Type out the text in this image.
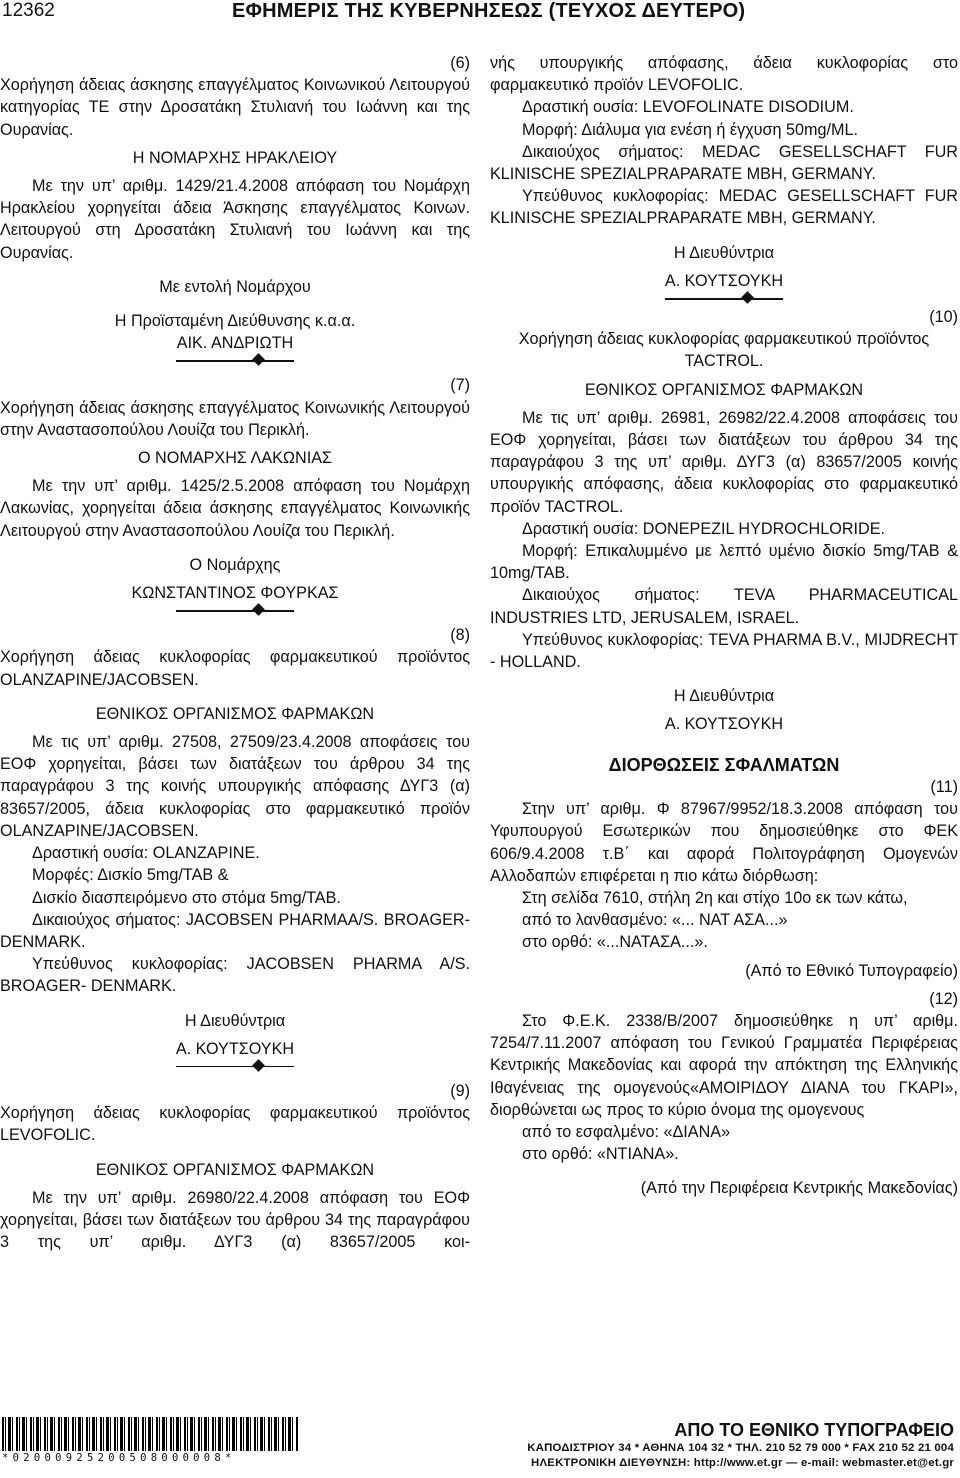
12362	ΕΦΗΜΕΡΙΣ ΤΗΣ ΚΥΒΕΡΝΗΣΕΩΣ (ΤΕΥΧΟΣ ΔΕΥΤΕΡΟ)

(6)

Χορήγηση άδειας άσκησης επαγγέλματος Κοινωνικού Λειτουργού κατηγορίας ΤΕ στην Δροσατάκη Στυλιανή του Ιωάννη και της Ουρανίας.

Η ΝΟΜΑΡΧΗΣ ΗΡΑΚΛΕΙΟΥ

Με την υπ’ αριθμ. 1429/21.4.2008 απόφαση του Νομάρχη Ηρακλείου χορηγείται άδεια Άσκησης επαγγέλματος Κοινων. Λειτουργού στη Δροσατάκη Στυλιανή του Ιωάννη και της Ουρανίας.

Με εντολή Νομάρχου

Η Προϊσταμένη Διεύθυνσης κ.α.α.

ΑΙΚ. ΑΝΔΡΙΩΤΗ

(7)

Χορήγηση άδειας άσκησης επαγγέλματος Κοινωνικής Λειτουργού στην Αναστασοπούλου Λουίζα του Περικλή.

Ο ΝΟΜΑΡΧΗΣ ΛΑΚΩΝΙΑΣ

Με την υπ’ αριθμ. 1425/2.5.2008 απόφαση του Νομάρχη Λακωνίας, χορηγείται άδεια άσκησης επαγγέλματος Κοινωνικής Λειτουργού στην Αναστασοπούλου Λουίζα του Περικλή.

Ο Νομάρχης

ΚΩΝΣΤΑΝΤΙΝΟΣ ΦΟΥΡΚΑΣ

(8)

Χορήγηση άδειας κυκλοφορίας φαρμακευτικού προϊόντος OLANZAPINE/JACOBSEN.

ΕΘΝΙΚΟΣ ΟΡΓΑΝΙΣΜΟΣ ΦΑΡΜΑΚΩΝ

Με τις υπ’ αριθμ. 27508, 27509/23.4.2008 αποφάσεις του ΕΟΦ χορηγείται, βάσει των διατάξεων του άρθρου 34 της παραγράφου 3 της κοινής υπουργικής απόφασης ΔΥΓ3 (α) 83657/2005, άδεια κυκλοφορίας στο φαρμακευτικό προϊόν OLANZAPINE/JACOBSEN.

Δραστική ουσία: OLANZAPINE.

Μορφές: Δισκίο 5mg/TAB &

Δισκίο διασπειρόμενο στο στόμα 5mg/TAB.

Δικαιούχος σήματος: JACOBSEN PHARMAA/S. BROAGER-DENMARK.

Υπεύθυνος κυκλοφορίας: JACOBSEN PHARMA A/S. BROAGER- DENMARK.

Η Διευθύντρια

Α. ΚΟΥΤΣΟΥΚΗ

(9)

Χορήγηση άδειας κυκλοφορίας φαρμακευτικού προϊόντος LEVOFOLIC.

ΕΘΝΙΚΟΣ ΟΡΓΑΝΙΣΜΟΣ ΦΑΡΜΑΚΩΝ

Με την υπ’ αριθμ. 26980/22.4.2008 απόφαση του ΕΟΦ χορηγείται, βάσει των διατάξεων του άρθρου 34 της παραγράφου 3 της υπ’ αριθμ. ΔΥΓ3 (α) 83657/2005 κοι-

νής υπουργικής απόφασης, άδεια κυκλοφορίας στο φαρμακευτικό προϊόν LEVOFOLIC.

Δραστική ουσία: LEVOFOLINATE DISODIUM.

Μορφή: Διάλυμα για ενέση ή έγχυση 50mg/ML.

Δικαιούχος σήματος: MEDAC GESELLSCHAFT FUR KLINISCHE SPEZIALPRAPARATE MBH, GERMANY.

Υπεύθυνος κυκλοφορίας: MEDAC GESELLSCHAFT FUR KLINISCHE SPEZIALPRAPARATE MBH, GERMANY.

Η Διευθύντρια

Α. ΚΟΥΤΣΟΥΚΗ

(10)

Χορήγηση άδειας κυκλοφορίας φαρμακευτικού προϊόντος TACTROL.

ΕΘΝΙΚΟΣ ΟΡΓΑΝΙΣΜΟΣ ΦΑΡΜΑΚΩΝ

Με τις υπ’ αριθμ. 26981, 26982/22.4.2008 αποφάσεις του ΕΟΦ χορηγείται, βάσει των διατάξεων του άρθρου 34 της παραγράφου 3 της υπ’ αριθμ. ΔΥΓ3 (α) 83657/2005 κοινής υπουργικής απόφασης, άδεια κυκλοφορίας στο φαρμακευτικό προϊόν TACTROL.

Δραστική ουσία: DONEPEZIL HYDROCHLORIDE.

Μορφή: Επικαλυμμένο με λεπτό υμένιο δισκίο 5mg/TAB & 10mg/TAB.

Δικαιούχος σήματος: TEVA PHARMACEUTICAL INDUSTRIES LTD, JERUSALEM, ISRAEL.

Υπεύθυνος κυκλοφορίας: TEVA PHARMA B.V., MIJDRECHT - HOLLAND.

Η Διευθύντρια

Α. ΚΟΥΤΣΟΥΚΗ

ΔΙΟΡΘΩΣΕΙΣ ΣΦΑΛΜΑΤΩΝ

(11)

Στην υπ’ αριθμ. Φ 87967/9952/18.3.2008 απόφαση του Υφυπουργού Εσωτερικών που δημοσιεύθηκε στο ΦΕΚ 606/9.4.2008 τ.Β΄ και αφορά Πολιτογράφηση Ομογενών Αλλοδαπών επιφέρεται η πιο κάτω διόρθωση:

Στη σελίδα 7610, στήλη 2η και στίχο 10ο εκ των κάτω,

από το λανθασμένο: «... ΝΑΤ ΑΣΑ...»

στο ορθό: «...ΝΑΤΑΣΑ...».

(Από το Εθνικό Τυπογραφείο)

(12)

Στο Φ.Ε.Κ. 2338/Β/2007 δημοσιεύθηκε η υπ’ αριθμ. 7254/7.11.2007 απόφαση του Γενικού Γραμματέα Περιφέρειας Κεντρικής Μακεδονίας και αφορά την απόκτηση της Ελληνικής Ιθαγένειας της ομογενούς«ΑΜΟΙΡΙΔΟΥ ΔΙΑΝΑ του ΓΚΑΡΙ», διορθώνεται ως προς το κύριο όνομα της ομογενους

από το εσφαλμένο: «ΔΙΑΝΑ»

στο ορθό: «ΝΤΙΑΝΑ».

(Από την Περιφέρεια Κεντρικής Μακεδονίας)

*02000925200508000008*
ΑΠΟ ΤΟ ΕΘΝΙΚΟ ΤΥΠΟΓΡΑΦΕΙΟ
ΚΑΠΟΔΙΣΤΡΙΟΥ 34 * ΑΘΗΝΑ 104 32 * ΤΗΛ. 210 52 79 000 * FAX 210 52 21 004
ΗΛΕΚΤΡΟΝΙΚΗ ΔΙΕΥΘΥΝΣΗ: http://www.et.gr — e-mail: webmaster.et@et.gr
